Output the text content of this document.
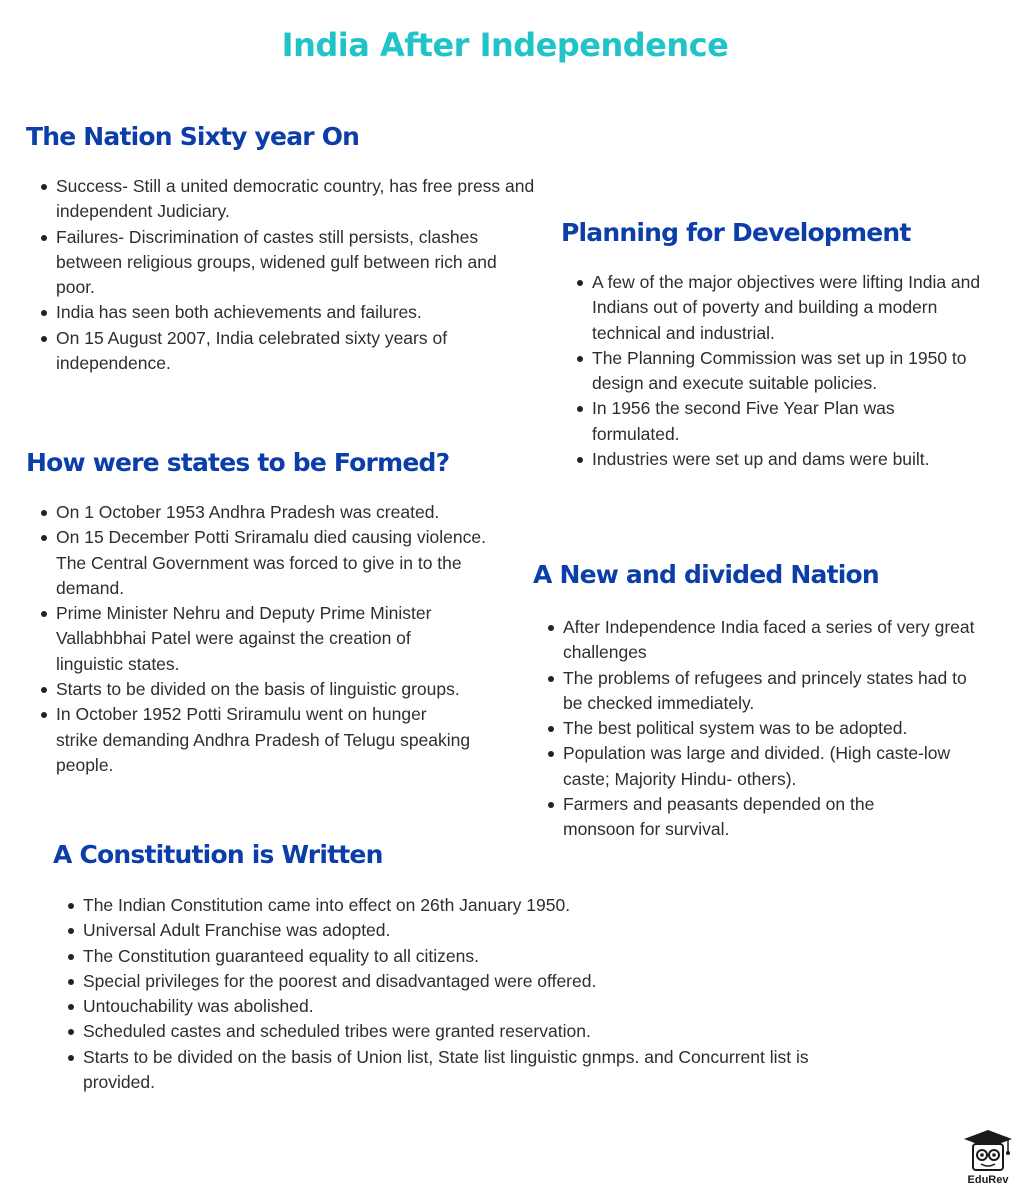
India After Independence
The Nation Sixty year On
Success- Still a united democratic country, has free press and independent Judiciary.
Failures- Discrimination of castes still persists, clashes between religious groups, widened gulf between rich and poor.
India has seen both achievements and failures.
On 15 August 2007, India celebrated sixty years of independence.
Planning for Development
A few of the major objectives were lifting India and Indians out of poverty and building a modern technical and industrial.
The Planning Commission was set up in 1950 to design and execute suitable policies.
In 1956 the second Five Year Plan was formulated.
Industries were set up and dams were built.
How were states to be Formed?
On 1 October 1953 Andhra Pradesh was created.
On 15 December Potti Sriramalu died causing violence. The Central Government was forced to give in to the demand.
Prime Minister Nehru and Deputy Prime Minister Vallabhbhai Patel were against the creation of linguistic states.
Starts to be divided on the basis of linguistic groups.
In October 1952 Potti Sriramulu went on hunger strike demanding Andhra Pradesh of Telugu speaking people.
A New and divided Nation
After Independence India faced a series of very great challenges
The problems of refugees and princely states had to be checked immediately.
The best political system was to be adopted.
Population was large and divided. (High caste-low caste; Majority Hindu- others).
Farmers and peasants depended on the monsoon for survival.
A Constitution is Written
The Indian Constitution came into effect on 26th January 1950.
Universal Adult Franchise was adopted.
The Constitution guaranteed equality to all citizens.
Special privileges for the poorest and disadvantaged were offered.
Untouchability was abolished.
Scheduled castes and scheduled tribes were granted reservation.
Starts to be divided on the basis of Union list, State list linguistic gnmps. and Concurrent list is provided.
EduRev
